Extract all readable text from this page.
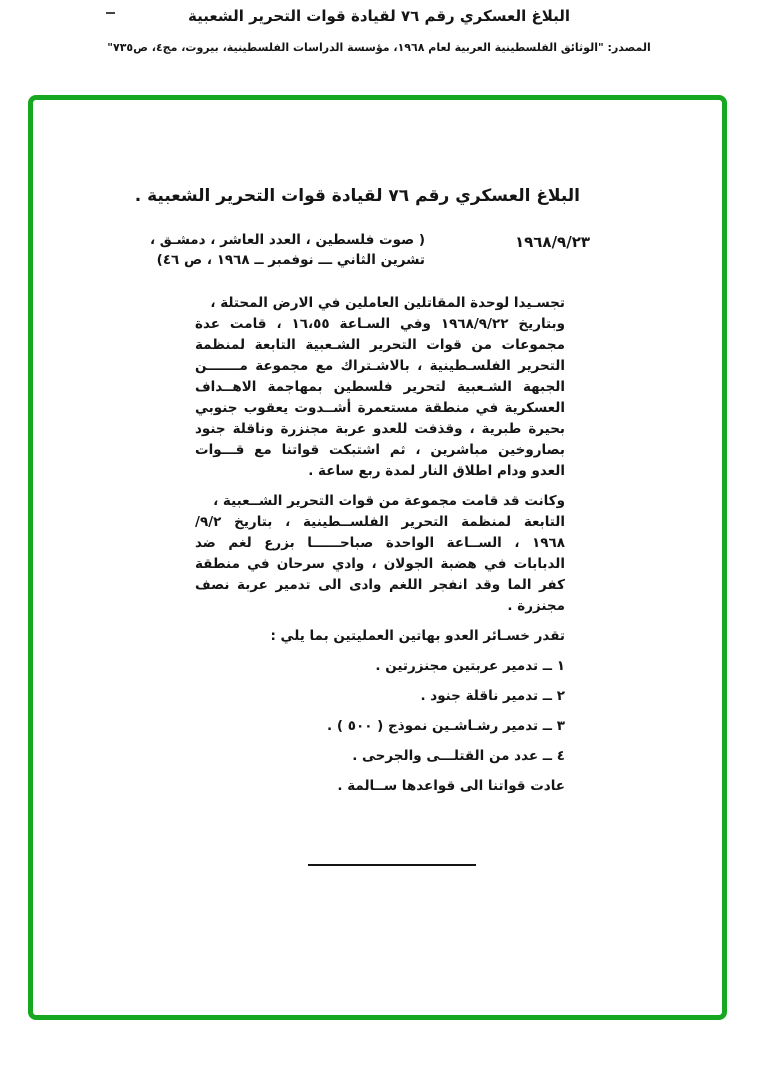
البلاغ العسكري رقم ٧٦ لقيادة قوات التحرير الشعبية
المصدر: "الوثائق الفلسطينية العربية لعام ١٩٦٨، مؤسسة الدراسات الفلسطينية، بيروت، مج٤، ص٧٣٥"
البلاغ العسكري رقم ٧٦ لقيادة قوات التحرير الشعبية .
٢٣‏/‏٩‏/‏١٩٦٨
( صوت فلسطين ، العدد العاشر ، دمشـق ،
تشرين الثاني ـــ نوفمبر ــ ١٩٦٨ ، ص ٤٦)
تجسـيدا لوحدة المقاتلين العاملين في الارض المحتلة ،
وبتاريخ ٢٢‏/‏٩‏/‏١٩٦٨ وفي السـاعة ‪١٦،٥٥‬ ، قامت عدة
مجموعات من قوات التحرير الشـعبية التابعة لمنظمة
التحرير الفلسـطينية ، بالاشـتراك مع مجموعة مـــــــن
الجبهة الشـعبية لتحرير فلسطين بمهاجمة الاهــداف
العسكرية في منطقة مستعمرة أشــدوت يعقوب جنوبي
بحيرة طبرية ، وقذفت للعدو عربة مجنزرة وناقلة جنود
بصاروخين مباشرين ، ثم اشتبكت قواتنا مع قـــوات
العدو ودام اطلاق النار لمدة ربع ساعة .
وكانت قد قامت مجموعة من قوات التحرير الشــعبية ،
التابعة لمنظمة التحرير الفلســطينية ، بتاريخ ٢‏/‏٩‏/
١٩٦٨ ، الســاعة الواحدة صباحــــــا بزرع لغم ضد
الدبابات في هضبة الجولان ، وادي سرحان في منطقة
كفر الما وقد انفجر اللغم وادى الى تدمير عربة نصف
مجنزرة .
تقدر خسـائر العدو بهاتين العمليتين بما يلي :
١ ــ تدمير عربتين مجنزرتين .
٢ ــ تدمير ناقلة جنود .
٣ ــ تدمير رشـاشـين نموذج ( ٥٠٠ ) .
٤ ــ عدد من القتلـــى والجرحى .
عادت قواتنا الى قواعدها ســالمة .
